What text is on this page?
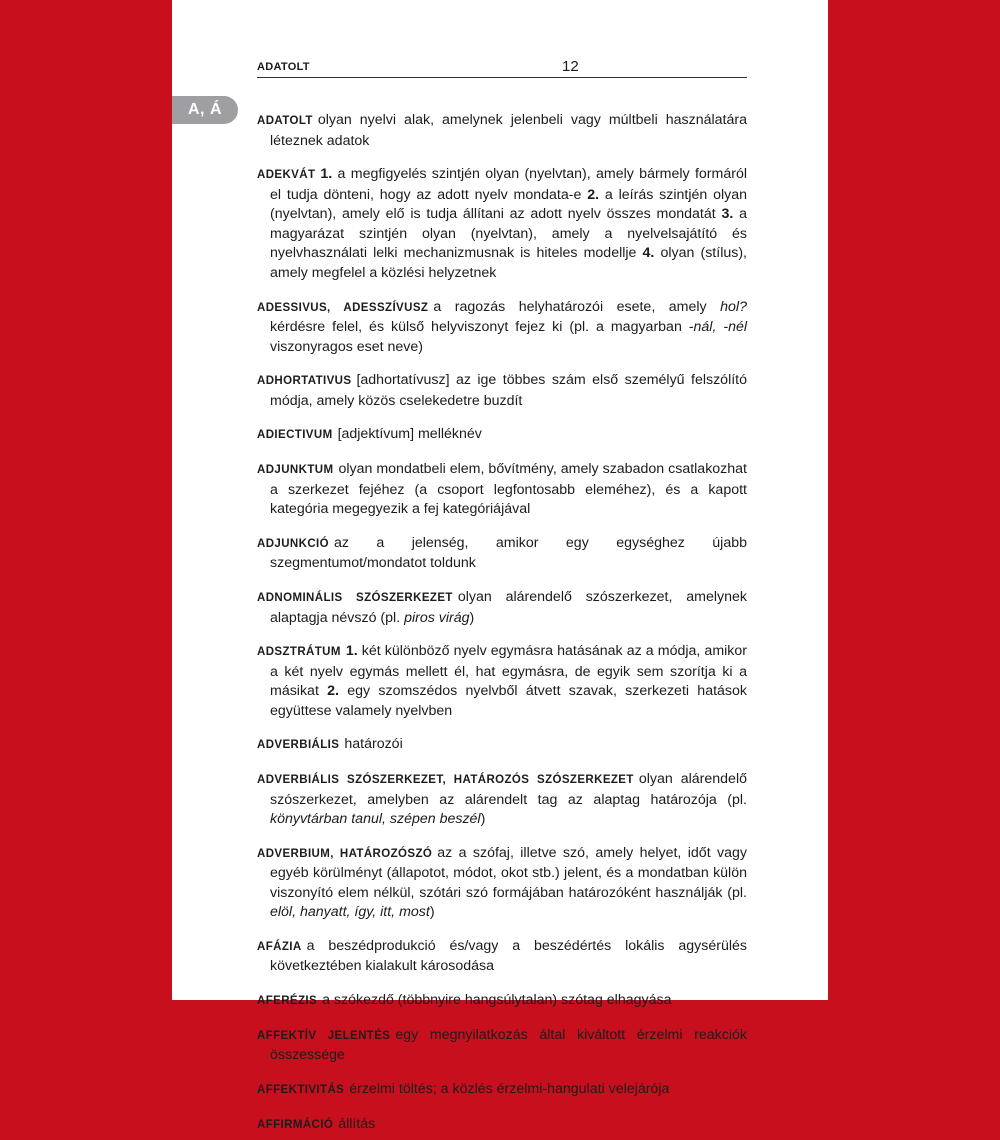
ADATOLT	12
A, Á

ADATOLT olyan nyelvi alak, amelynek jelenbeli vagy múltbeli használatára léteznek adatok

ADEKVÁT 1. a megfigyelés szintjén olyan (nyelvtan), amely bármely formáról el tudja dönteni, hogy az adott nyelv mondata-e 2. a leírás szintjén olyan (nyelvtan), amely elő is tudja állítani az adott nyelv összes mondatát 3. a magyarázat szintjén olyan (nyelvtan), amely a nyelvelsajátító és nyelvhasználati lelki mechanizmusnak is hiteles modellje 4. olyan (stílus), amely megfelel a közlési helyzetnek

ADESSIVUS, ADESSZÍVUSZ a ragozás helyhatározói esete, amely hol? kérdésre felel, és külső helyviszonyt fejez ki (pl. a magyarban -nál, -nél viszonyragos eset neve)

ADHORTATIVUS [adhortatívusz] az ige többes szám első személyű felszólító módja, amely közös cselekedetre buzdít

ADIECTIVUM [adjektívum] melléknév

ADJUNKTUM olyan mondatbeli elem, bővítmény, amely szabadon csatlakozhat a szerkezet fejéhez (a csoport legfontosabb eleméhez), és a kapott kategória megegyezik a fej kategóriájával

ADJUNKCIÓ az a jelenség, amikor egy egységhez újabb szegmentumot/mondatot toldunk

ADNOMINÁLIS SZÓSZERKEZET olyan alárendelő szószerkezet, amelynek alaptagja névszó (pl. piros virág)

ADSZTRÁTUM 1. két különböző nyelv egymásra hatásának az a módja, amikor a két nyelv egymás mellett él, hat egymásra, de egyik sem szorítja ki a másikat 2. egy szomszédos nyelvből átvett szavak, szerkezeti hatások együttese valamely nyelvben

ADVERBIÁLIS határozói

ADVERBIÁLIS SZÓSZERKEZET, HATÁROZÓS SZÓSZERKEZET olyan alárendelő szószerkezet, amelyben az alárendelt tag az alaptag határozója (pl. könyvtárban tanul, szépen beszél)

ADVERBIUM, HATÁROZÓSZÓ az a szófaj, illetve szó, amely helyet, időt vagy egyéb körülményt (állapotot, módot, okot stb.) jelent, és a mondatban külön viszonyító elem nélkül, szótári szó formájában határozóként használják (pl. elöl, hanyatt, így, itt, most)

AFÁZIA a beszédprodukció és/vagy a beszédértés lokális agysérülés következtében kialakult károsodása

AFERÉZIS a szókezdő (többnyire hangsúlytalan) szótag elhagyása

AFFEKTÍV JELENTÉS egy megnyilatkozás által kiváltott érzelmi reakciók összessége

AFFEKTIVITÁS érzelmi töltés; a közlés érzelmi-hangulati velejárója

AFFIRMÁCIÓ állítás
